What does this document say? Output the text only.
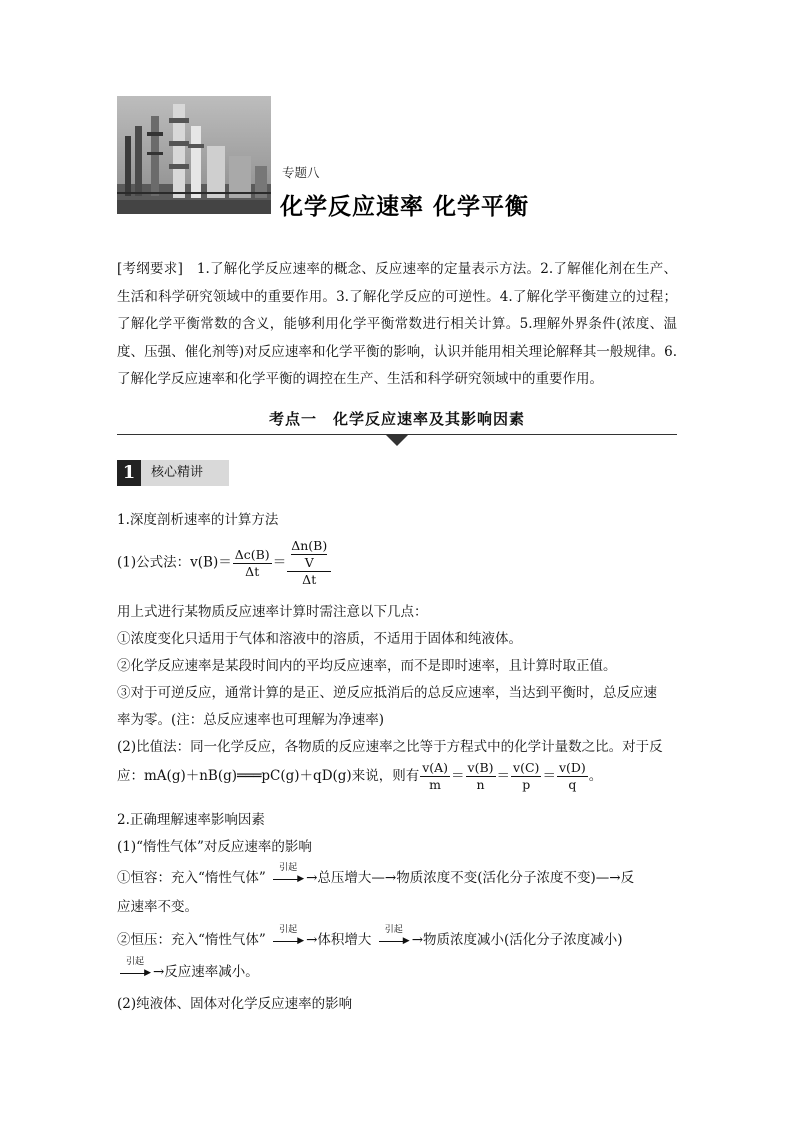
专题八
化学反应速率 化学平衡
[考纲要求]　1.了解化学反应速率的概念、反应速率的定量表示方法。2.了解催化剂在生产、生活和科学研究领域中的重要作用。3.了解化学反应的可逆性。4.了解化学平衡建立的过程；了解化学平衡常数的含义，能够利用化学平衡常数进行相关计算。5.理解外界条件(浓度、温度、压强、催化剂等)对反应速率和化学平衡的影响，认识并能用相关理论解释其一般规律。6.了解化学反应速率和化学平衡的调控在生产、生活和科学研究领域中的重要作用。
考点一　化学反应速率及其影响因素
1	核心精讲
1.深度剖析速率的计算方法
(1)公式法：$v(B)= \frac{\Delta c(B)}{\Delta t} = \Delta n(B)$
V
Δt
用上式进行某物质反应速率计算时需注意以下几点：
①浓度变化只适用于气体和溶液中的溶质，不适用于固体和纯液体。
②化学反应速率是某段时间内的平均反应速率，而不是即时速率，且计算时取正值。
③对于可逆反应，通常计算的是正、逆反应抵消后的总反应速率，当达到平衡时，总反应速
率为零。(注：总反应速率也可理解为净速率)
(2)比值法：同一化学反应，各物质的反应速率之比等于方程式中的化学计量数之比。对于反
应：mA(g)＋nB(g)═══pC(g)＋qD(g)来说，则有 $\frac{v(A)}{m} = \frac{v(B)}{n} = \frac{v(C)}{p} = \frac{v(D)}{q}$ 。
2.正确理解速率影响因素
(1)“惰性气体”对反应速率的影响
①恒容：充入“惰性气体”
引起
▶ →总压增大—→物质浓度不变(活化分子浓度不变)—→反
应速率不变。
②恒压：充入“惰性气体”
引起
▶ →体积增大
引起
▶ →物质浓度减小(活化分子浓度减小)
引起
▶ →反应速率减小。
(2)纯液体、固体对化学反应速率的影响
